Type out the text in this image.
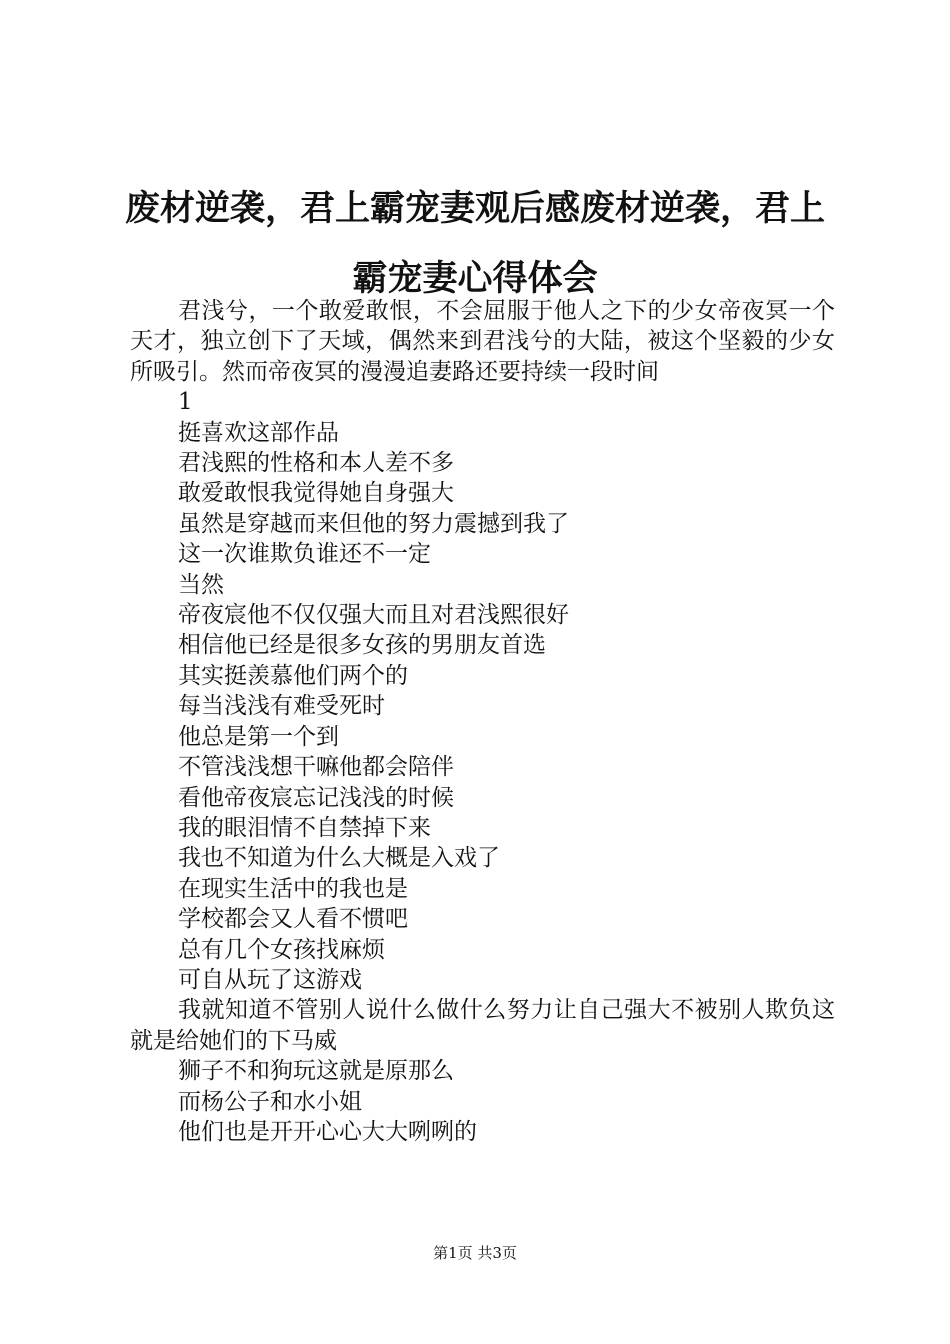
废材逆袭，君上霸宠妻观后感废材逆袭，君上霸宠妻心得体会

君浅兮，一个敢爱敢恨，不会屈服于他人之下的少女帝夜冥一个天才，独立创下了天域，偶然来到君浅兮的大陆，被这个坚毅的少女所吸引。然而帝夜冥的漫漫追妻路还要持续一段时间

1

挺喜欢这部作品

君浅熙的性格和本人差不多

敢爱敢恨我觉得她自身强大

虽然是穿越而来但他的努力震撼到我了

这一次谁欺负谁还不一定

当然

帝夜宸他不仅仅强大而且对君浅熙很好

相信他已经是很多女孩的男朋友首选

其实挺羡慕他们两个的

每当浅浅有难受死时

他总是第一个到

不管浅浅想干嘛他都会陪伴

看他帝夜宸忘记浅浅的时候

我的眼泪情不自禁掉下来

我也不知道为什么大概是入戏了

在现实生活中的我也是

学校都会又人看不惯吧

总有几个女孩找麻烦

可自从玩了这游戏

我就知道不管别人说什么做什么努力让自己强大不被别人欺负这就是给她们的下马威

狮子不和狗玩这就是原那么

而杨公子和水小姐

他们也是开开心心大大咧咧的

第1页 共3页
